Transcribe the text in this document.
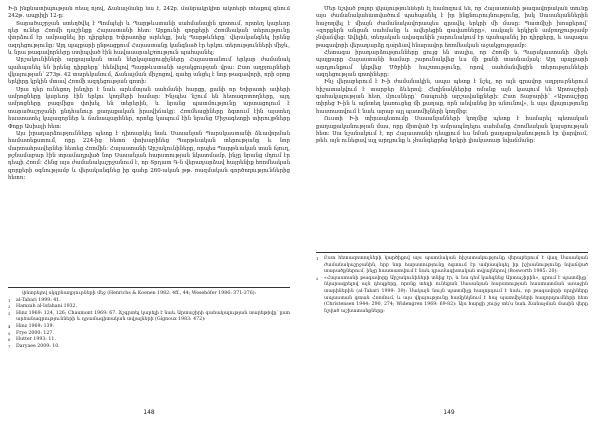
Ի-ի ինքնատիպության ռեալ ոչով, Ճանաչմանը նա է, 242բ. մանրակրկիտ ակտերի տեսքով գնում 242թ. ապրիլի 12-ը:

Տարածաշրջան ստեղծվել է Պոմպեյի և Պարթևստանի սահմանային գոտում, որտեղ կարևոր դեր ուներ Հռոմի դաշինքը Հայաստանի հետ: Արքունի զորքերի Հռոմեական տերությունը փորձում էր ամրացնել իր դիրքերը Եփրատից արևելք, իսկ Պարթևները՝ վերականգնել իրենց ազդեցությունը: Այդ պայքարի ընթացքում Հայաստանը կանգնած էր երկու տերությունների միջև, և նրա թագավորները ստիպված էին հավասարակշռություն պահպանել:

Արշակունիների արքայական տան ներկայացուցիչները Հայաստանում երկար ժամանակ պահպանել են իրենց դիրքերը՝ հենվելով Պարթևստանի աջակցության վրա: Ըստ աղբյուրների վկայության՝ 273թ. 42 տարեկանում, Ճանաչման միջոցով, գահը անցել է նոր թագավորի, որի օրոք երկիրը կրկին մտավ Հռոմի ազդեցության գոտի:

Սրա դեր ունեցող խնդիր է նաև արևմտյան սահմանի հարցը, քանի որ Եփրատի ափերի ամրոցները կարևոր էին երկու կողմերի համար: Ինչպես նշում են հետազոտողները, այդ ամրոցները բազմիցս փոխել են տերերին, և նրանց պատմությունը արտացոլում է տարածաշրջանի ընդհանուր քաղաքական իրավիճակը: Հռոմեացիները ձգտում էին այստեղ հաստատել կայազորներ և ճանապարհներ, որոնք կապում էին նրանց Միջագետքի տիրույթները Փոքր Ասիայի հետ:

Այս իրադարձությունները պետք է դիտարկել նաև Սասանյան Պարսկաստանի ձևավորման համատեքստում, որը 224-ից հետո փոխարինեց Պարթևական տերությանը և նոր մարտահրավերներ նետեց Հռոմին: Հայաստանի Արշակունիները, որպես Պարթևական տան ճյուղ, թշնամաբար էին տրամադրված նոր Սասանյան հարստության նկատմամբ, ինչը նրանց մղում էր դեպի Հռոմ: Հենց այս ժամանակաշրջանում է, որ Տրդատ Գ-ն վերադարձավ հայրենիք հռոմեական զորքերի օգնությամբ և վերականգնեց իր գահը 260-ական թթ. ռազմական գործողություններից հետո:

փնտրելով սկզբնաղբյուրների մեջ (Henrichs & Koenen 1982: 4ff., 44; Wesehöfer 1986: 371-376):
1	al-Tabari 1999: 41.
2	Hamzah al-Isfahani 1932.
3	Hinz 1969: 124, 126; Chaumont 1969: 67. Ճշգրտել կարելի է նաև Արտաշիրի գահակալության տարեթիվը՝ ըստ արձանագրությունների և դրամագիտական տվյալների (Gignoux 1983: 472):
4	Hinz 1969: 139.
5	Frye 2000: 127.
6	Hutter 1993: 11.
7	Daryaee 2009: 10.
148

Մեր նշված բոլոր վկայություններն էլ համոզում են, որ Հայաստանի թագավորական տունը այս ժամանակահատվածում պահպանել է իր ինքնուրույնությունը, իսկ Սասանյաններին հաջողվել է միայն ժամանակավորապես գրավել երկրի մի մասը: Պատմիչի խոսքերով՝ «զորքերն անցան սահմանը և ավերեցին գավառները», սակայն երկիրն ամբողջությամբ չնվաճվեց: Ավելին, տեղական ավագանին շարունակում էր պահպանել իր դիրքերը, և ապագա թագավորի վերադարձը դարձավ հնարավոր հռոմեական աջակցությամբ:

Հետագա իրադարձությունները ցույց են տալիս, որ Հռոմի և Պարսկաստանի միջև պայքարը Հայաստանի համար շարունակվեց ևս մի քանի տասնամյակ: Այդ պայքարի արդյունքում կնքվեց Մծբինի հաշտությունը, որով սահմանվեցին տերությունների ազդեցության գոտիները:

Ինչ վերաբերում է Ի-ի ժամանակին, ապա պետք է նշել, որ այն գրավոր աղբյուրներում հիշատակվում է տարբեր ձևերով: Հեղինակներից ոմանք այն կապում են Արտաշիրի գահակալության հետ, մյուսները՝ Շապուհի արշավանքների: Ըստ Տաբարիի՝ «Արտաշիրը տիրեց Ի-ին և այնտեղ կառուցեց մի քաղաք, որն անվանեց իր անունով», և այս վկայությունը հաստատվում է նաև արաբ այլ պատմիչների կողմից:

Ուստի Ի-ի տիրապետումը Սասանյանների կողմից պետք է համարել պետական քաղաքականության մաս, որը միտված էր ամրապնդելու սահմանը Հռոմեական կայսրության հետ: Սա նշանակում է, որ Հայաստանի դեպքում ևս նման քաղաքականություն էր վարվում, թեև այն ունեցավ այլ արդյունք և չհանգեցրեց երկրի լիակատար նվաճմանը:

1	Ըստ հետազոտողների կարծիքով այս պատմական հիշատակությունը վերաբերում է վաղ Սասանյան ժամանակաշրջանին, երբ նոր հարստությունը ձգտում էր ամրապնդել իր իշխանությունը նվաճված տարածքներում, ինչը հաստատվում է նաև դրամագիտական տվյալներով (Bosworth 1985: 20):
2	«Հայաստանի թագավորը Արշակունիների տնից էր, և նա դեմ կանգնեց Արտաշիրին», գրում է պատմիչը՝ նկարագրելով այն դեպքերը, որոնք տեղի ունեցան Սասանյան հարստության հաստատման առաջին տարիներին (al-Tabari 1999: 39): Սակայն նույն պատմիչը հաղորդում է նաև, որ թագավորի որդիները ապաստան գտան Հռոմում, և այս վկայությունը համընկնում է հայ պատմիչների հաղորդումների հետ (Christensen 1944: 290, 274; Widengren 1969: 69-82): Այս հարցի շուրջ տե՛ս նաև Ճանաչման մասին վերը նշված աշխատանքները:
149
